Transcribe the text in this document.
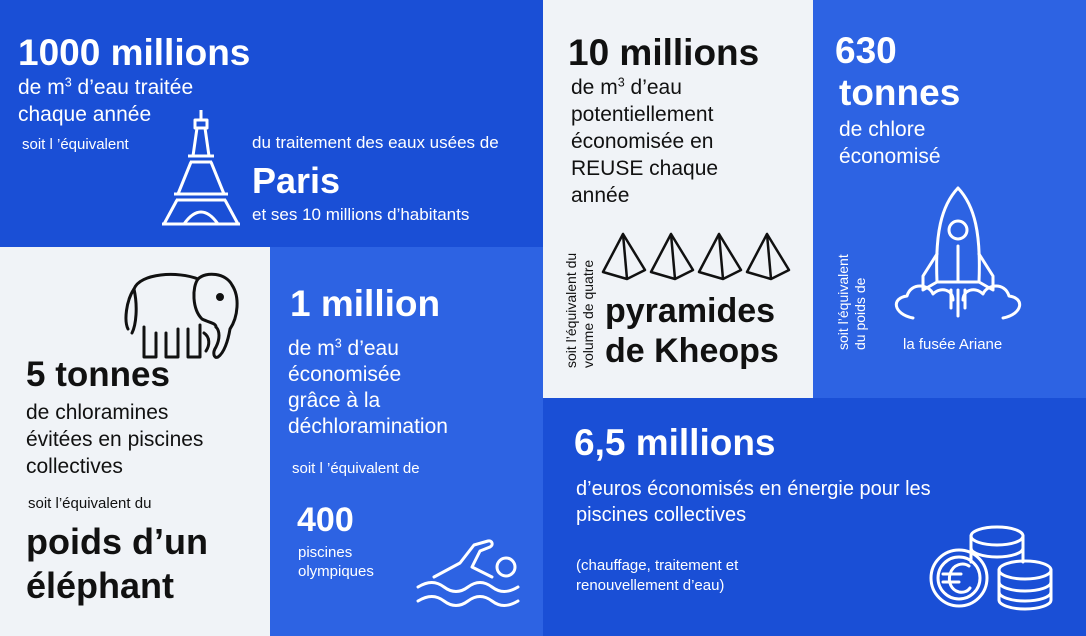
1000 millions

de $m^3$ d’eau traitée

chaque année

soit l ’équivalent	du traitement des eaux usées de

Paris

et ses 10 millions d’habitants

10 millions

de $m^3$ d’eau

potentiellement

économisée en

REUSE chaque

année

soit l’équivalent du volume de quatre pyramides

de Kheops

630

tonnes

de chlore

économisé

soit l’équivalent du poids de la fusée Ariane

5 tonnes

de chloramines

évitées en piscines

collectives

soit l’équivalent du

poids d’un

éléphant

1 million

de $m^3$ d’eau

économisée

grâce à la

déchloramination

soit l ’équivalent de

400

piscines

olympiques

6,5 millions

d’euros économisés en énergie pour les

piscines collectives

(chauffage, traitement et

renouvellement d’eau)
